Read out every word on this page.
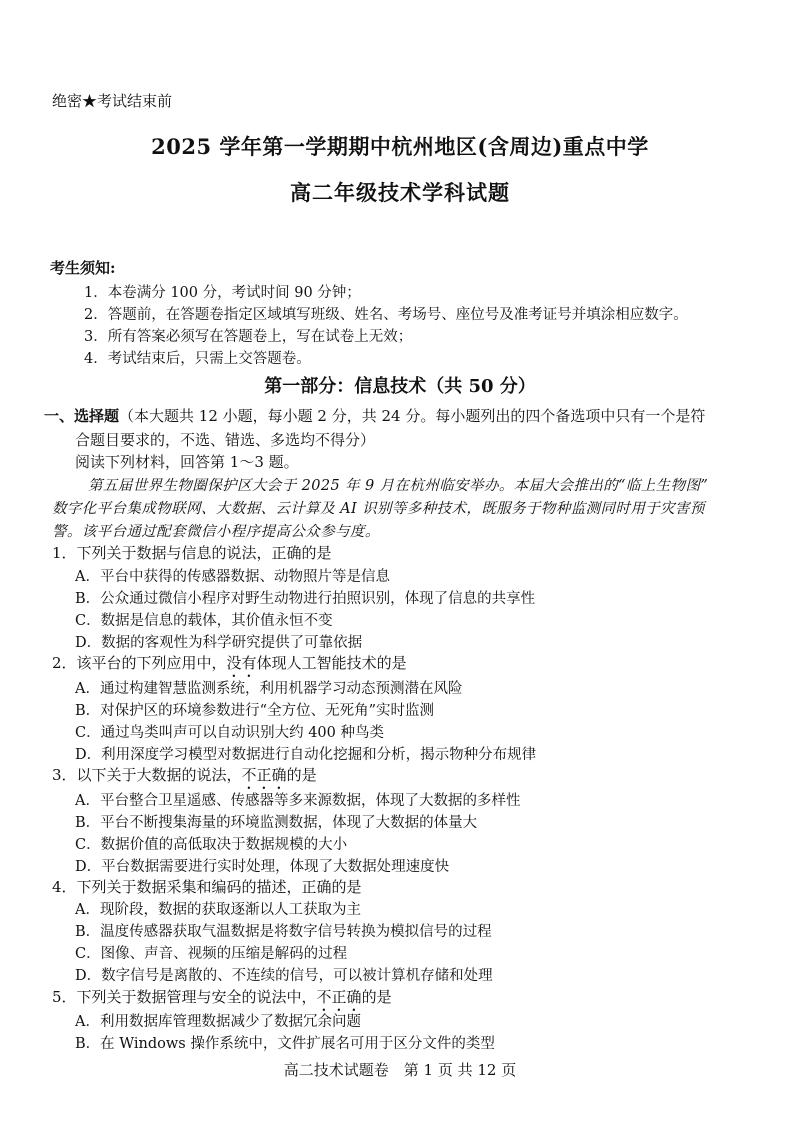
绝密★考试结束前
2025 学年第一学期期中杭州地区(含周边)重点中学
高二年级技术学科试题
考生须知:
1．本卷满分 100 分，考试时间 90 分钟；
2．答题前，在答题卷指定区域填写班级、姓名、考场号、座位号及准考证号并填涂相应数字。
3．所有答案必须写在答题卷上，写在试卷上无效；
4．考试结束后，只需上交答题卷。
第一部分：信息技术（共 50 分）
一、选择题（本大题共 12 小题，每小题 2 分，共 24 分。每小题列出的四个备选项中只有一个是符
合题目要求的，不选、错选、多选均不得分）
阅读下列材料，回答第 1～3 题。
第五届世界生物圈保护区大会于 2025 年 9 月在杭州临安举办。本届大会推出的“临上生物图”
数字化平台集成物联网、大数据、云计算及 AI 识别等多种技术，既服务于物种监测同时用于灾害预
警。该平台通过配套微信小程序提高公众参与度。
1．下列关于数据与信息的说法，正确的是
A．平台中获得的传感器数据、动物照片等是信息
B．公众通过微信小程序对野生动物进行拍照识别，体现了信息的共享性
C．数据是信息的载体，其价值永恒不变
D．数据的客观性为科学研究提供了可靠依据
2．该平台的下列应用中，没有体现人工智能技术的是
A．通过构建智慧监测系统，利用机器学习动态预测潜在风险
B．对保护区的环境参数进行“全方位、无死角”实时监测
C．通过鸟类叫声可以自动识别大约 400 种鸟类
D．利用深度学习模型对数据进行自动化挖掘和分析，揭示物种分布规律
3．以下关于大数据的说法，不正确的是
A．平台整合卫星遥感、传感器等多来源数据，体现了大数据的多样性
B．平台不断搜集海量的环境监测数据，体现了大数据的体量大
C．数据价值的高低取决于数据规模的大小
D．平台数据需要进行实时处理，体现了大数据处理速度快
4．下列关于数据采集和编码的描述，正确的是
A．现阶段，数据的获取逐渐以人工获取为主
B．温度传感器获取气温数据是将数字信号转换为模拟信号的过程
C．图像、声音、视频的压缩是解码的过程
D．数字信号是离散的、不连续的信号，可以被计算机存储和处理
5．下列关于数据管理与安全的说法中，不正确的是
A．利用数据库管理数据减少了数据冗余问题
B．在 Windows 操作系统中，文件扩展名可用于区分文件的类型
高二技术试题卷　第 1 页 共 12 页
